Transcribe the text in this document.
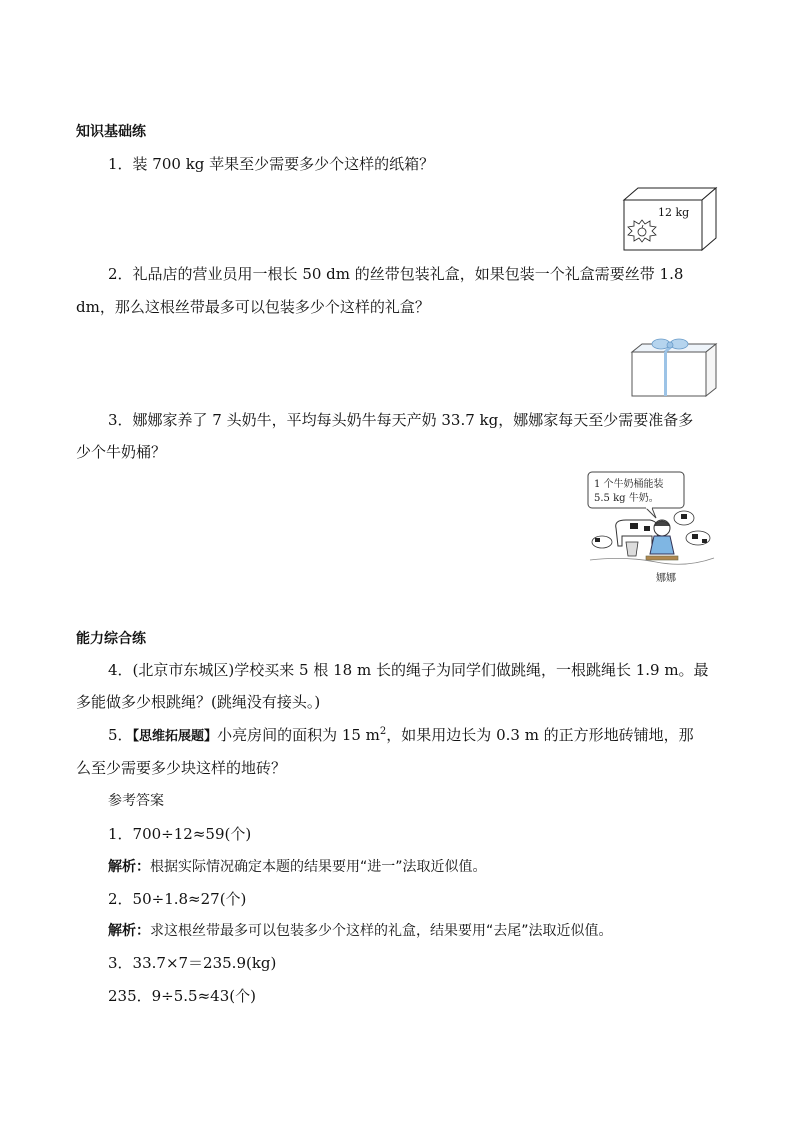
知识基础练
1．装 700 kg 苹果至少需要多少个这样的纸箱？
12 kg
2．礼品店的营业员用一根长 50 dm 的丝带包装礼盒，如果包装一个礼盒需要丝带 1.8
dm，那么这根丝带最多可以包装多少个这样的礼盒？
3．娜娜家养了 7 头奶牛，平均每头奶牛每天产奶 33.7 kg，娜娜家每天至少需要准备多
少个牛奶桶？
1 个牛奶桶能装
5.5 kg 牛奶。
娜娜
能力综合练
4．(北京市东城区)学校买来 5 根 18 m 长的绳子为同学们做跳绳，一根跳绳长 1.9 m。最
多能做多少根跳绳？(跳绳没有接头。)
5．【思维拓展题】小亮房间的面积为 15 $m^2$，如果用边长为 0.3 m 的正方形地砖铺地，那
么至少需要多少块这样的地砖？
参考答案
1．700÷12≈59(个)
解析：根据实际情况确定本题的结果要用“进一”法取近似值。
2．50÷1.8≈27(个)
解析：求这根丝带最多可以包装多少个这样的礼盒，结果要用“去尾”法取近似值。
3．33.7×7＝235.9(kg)
235．9÷5.5≈43(个)
